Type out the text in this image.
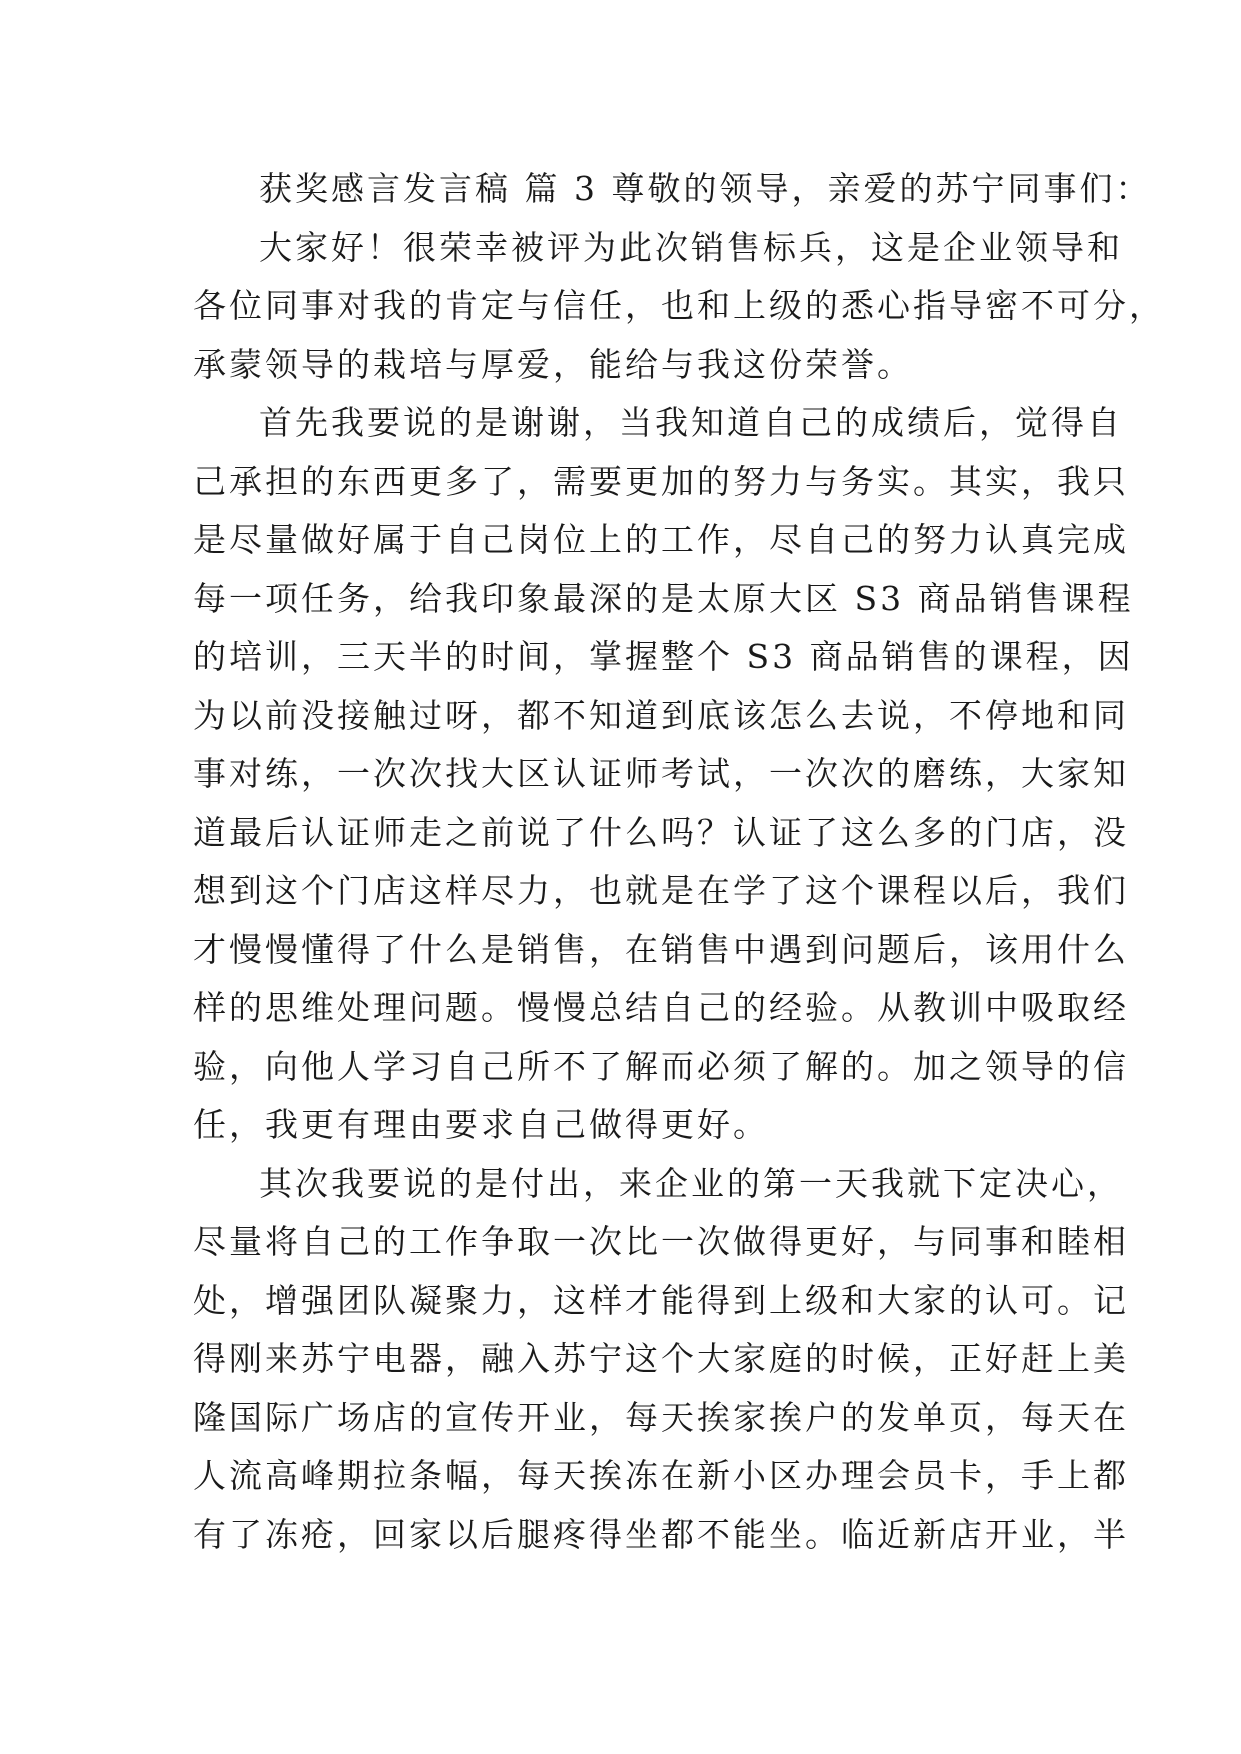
获奖感言发言稿 篇 3 尊敬的领导，亲爱的苏宁同事们：
大家好！很荣幸被评为此次销售标兵，这是企业领导和
各位同事对我的肯定与信任，也和上级的悉心指导密不可分，
承蒙领导的栽培与厚爱，能给与我这份荣誉。
首先我要说的是谢谢，当我知道自己的成绩后，觉得自
己承担的东西更多了，需要更加的努力与务实。其实，我只
是尽量做好属于自己岗位上的工作，尽自己的努力认真完成
每一项任务，给我印象最深的是太原大区 S3 商品销售课程
的培训，三天半的时间，掌握整个 S3 商品销售的课程，因
为以前没接触过呀，都不知道到底该怎么去说，不停地和同
事对练，一次次找大区认证师考试，一次次的磨练，大家知
道最后认证师走之前说了什么吗？认证了这么多的门店，没
想到这个门店这样尽力，也就是在学了这个课程以后，我们
才慢慢懂得了什么是销售，在销售中遇到问题后，该用什么
样的思维处理问题。慢慢总结自己的经验。从教训中吸取经
验，向他人学习自己所不了解而必须了解的。加之领导的信
任，我更有理由要求自己做得更好。
其次我要说的是付出，来企业的第一天我就下定决心，
尽量将自己的工作争取一次比一次做得更好，与同事和睦相
处，增强团队凝聚力，这样才能得到上级和大家的认可。记
得刚来苏宁电器，融入苏宁这个大家庭的时候，正好赶上美
隆国际广场店的宣传开业，每天挨家挨户的发单页，每天在
人流高峰期拉条幅，每天挨冻在新小区办理会员卡，手上都
有了冻疮，回家以后腿疼得坐都不能坐。临近新店开业，半
